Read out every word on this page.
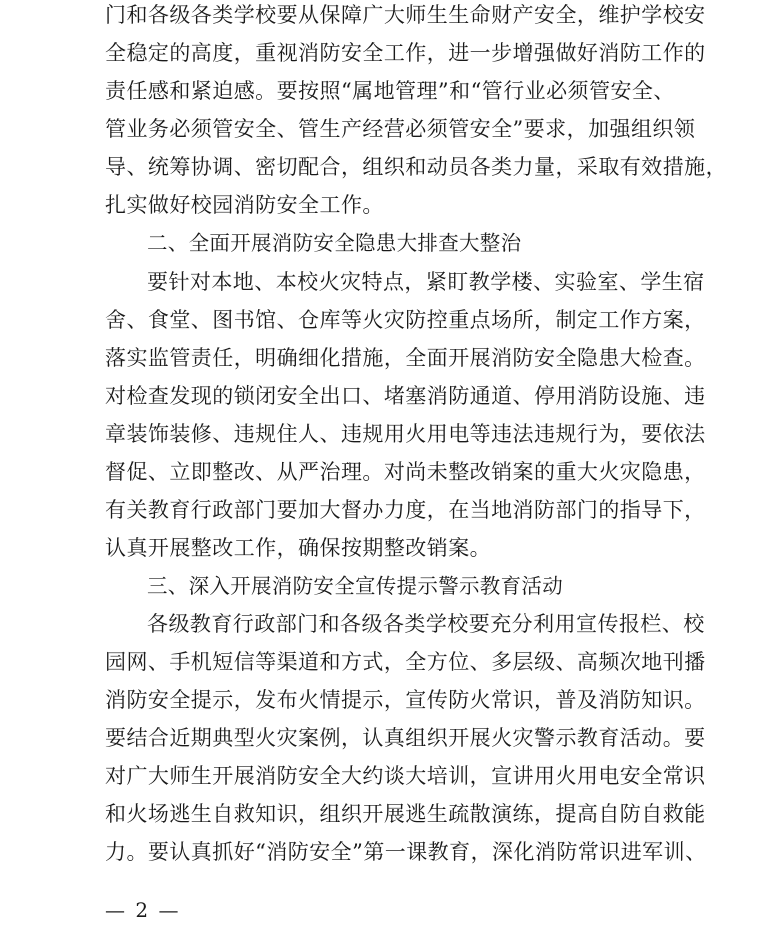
门和各级各类学校要从保障广大师生生命财产安全，维护学校安
全稳定的高度，重视消防安全工作，进一步增强做好消防工作的
责任感和紧迫感。要按照“属地管理”和“管行业必须管安全、
管业务必须管安全、管生产经营必须管安全”要求，加强组织领
导、统筹协调、密切配合，组织和动员各类力量，采取有效措施，
扎实做好校园消防安全工作。
二、全面开展消防安全隐患大排查大整治
要针对本地、本校火灾特点，紧盯教学楼、实验室、学生宿
舍、食堂、图书馆、仓库等火灾防控重点场所，制定工作方案，
落实监管责任，明确细化措施，全面开展消防安全隐患大检查。
对检查发现的锁闭安全出口、堵塞消防通道、停用消防设施、违
章装饰装修、违规住人、违规用火用电等违法违规行为，要依法
督促、立即整改、从严治理。对尚未整改销案的重大火灾隐患，
有关教育行政部门要加大督办力度，在当地消防部门的指导下，
认真开展整改工作，确保按期整改销案。
三、深入开展消防安全宣传提示警示教育活动
各级教育行政部门和各级各类学校要充分利用宣传报栏、校
园网、手机短信等渠道和方式，全方位、多层级、高频次地刊播
消防安全提示，发布火情提示，宣传防火常识，普及消防知识。
要结合近期典型火灾案例，认真组织开展火灾警示教育活动。要
对广大师生开展消防安全大约谈大培训，宣讲用火用电安全常识
和火场逃生自救知识，组织开展逃生疏散演练，提高自防自救能
力。要认真抓好“消防安全”第一课教育，深化消防常识进军训、
— 2 —
